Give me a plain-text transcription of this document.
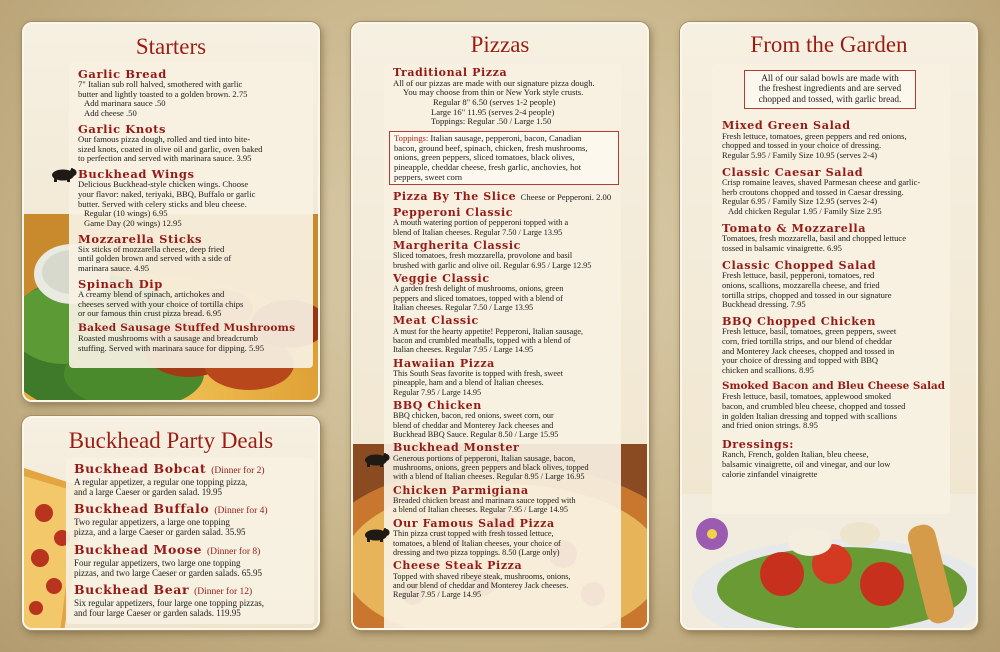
Starters
Garlic Bread
7" Italian sub roll halved, smothered with garlic
butter and lightly toasted to a golden brown. 2.75
Add marinara sauce .50
Add cheese .50
Garlic Knots
Our famous pizza dough, rolled and tied into bite-
sized knots, coated in olive oil and garlic, oven baked
to perfection and served with marinara sauce. 3.95
Buckhead Wings
Delicious Buckhead-style chicken wings. Choose
your flavor: naked, teriyaki, BBQ, Buffalo or garlic
butter. Served with celery sticks and bleu cheese.
Regular (10 wings) 6.95
Game Day (20 wings) 12.95
Mozzarella Sticks
Six sticks of mozzarella cheese, deep fried
until golden brown and served with a side of
marinara sauce. 4.95
Spinach Dip
A creamy blend of spinach, artichokes and
cheeses served with your choice of tortilla chips
or our famous thin crust pizza bread. 6.95
Baked Sausage Stuffed Mushrooms
Roasted mushrooms with a sausage and breadcrumb
stuffing. Served with marinara sauce for dipping. 5.95
Buckhead Party Deals
Buckhead Bobcat (Dinner for 2)
A regular appetizer, a regular one topping pizza,
and a large Caeser or garden salad. 19.95
Buckhead Buffalo (Dinner for 4)
Two regular appetizers, a large one topping
pizza, and a large Caeser or garden salad. 35.95
Buckhead Moose (Dinner for 8)
Four regular appetizers, two large one topping
pizzas, and two large Caeser or garden salads. 65.95
Buckhead Bear (Dinner for 12)
Six regular appetizers, four large one topping pizzas,
and four large Caeser or garden salads. 119.95
Pizzas
Traditional Pizza
All of our pizzas are made with our signature pizza dough.
You may choose from thin or New York style crusts.
Regular 8" 6.50 (serves 1-2 people)
Large 16" 11.95 (serves 2-4 people)
Toppings: Regular .50 / Large 1.50
Toppings: Italian sausage, pepperoni, bacon, Canadian
bacon, ground beef, spinach, chicken, fresh mushrooms,
onions, green peppers, sliced tomatoes, black olives,
pineapple, cheddar cheese, fresh garlic, anchovies, hot
peppers, sweet corn
Pizza By The Slice Cheese or Pepperoni. 2.00
Pepperoni Classic
A mouth watering portion of pepperoni topped with a
blend of Italian cheeses. Regular 7.50 / Large 13.95
Margherita Classic
Sliced tomatoes, fresh mozzarella, provolone and basil
brushed with garlic and olive oil. Regular 6.95 / Large 12.95
Veggie Classic
A garden fresh delight of mushrooms, onions, green
peppers and sliced tomatoes, topped with a blend of
Italian cheeses. Regular 7.50 / Large 13.95
Meat Classic
A must for the hearty appetite! Pepperoni, Italian sausage,
bacon and crumbled meatballs, topped with a blend of
Italian cheeses. Regular 7.95 / Large 14.95
Hawaiian Pizza
This South Seas favorite is topped with fresh, sweet
pineapple, ham and a blend of Italian cheeses.
Regular 7.95 / Large 14.95
BBQ Chicken
BBQ chicken, bacon, red onions, sweet corn, our
blend of cheddar and Monterey Jack cheeses and
Buckhead BBQ Sauce. Regular 8.50 / Large 15.95
Buckhead Monster
Generous portions of pepperoni, Italian sausage, bacon,
mushrooms, onions, green peppers and black olives, topped
with a blend of Italian cheeses. Regular 8.95 / Large 16.95
Chicken Parmigiana
Breaded chicken breast and marinara sauce topped with
a blend of Italian cheeses. Regular 7.95 / Large 14.95
Our Famous Salad Pizza
Thin pizza crust topped with fresh tossed lettuce,
tomatoes, a blend of Italian cheeses, your choice of
dressing and two pizza toppings. 8.50 (Large only)
Cheese Steak Pizza
Topped with shaved ribeye steak, mushrooms, onions,
and our blend of cheddar and Monterey Jack cheeses.
Regular 7.95 / Large 14.95
From the Garden
All of our salad bowls are made with
the freshest ingredients and are served
chopped and tossed, with garlic bread.
Mixed Green Salad
Fresh lettuce, tomatoes, green peppers and red onions,
chopped and tossed in your choice of dressing.
Regular 5.95 / Family Size 10.95 (serves 2-4)
Classic Caesar Salad
Crisp romaine leaves, shaved Parmesan cheese and garlic-
herb croutons chopped and tossed in Caesar dressing.
Regular 6.95 / Family Size 12.95 (serves 2-4)
Add chicken Regular 1.95 / Family Size 2.95
Tomato & Mozzarella
Tomatoes, fresh mozzarella, basil and chopped lettuce
tossed in balsamic vinaigrette. 6.95
Classic Chopped Salad
Fresh lettuce, basil, pepperoni, tomatoes, red
onions, scallions, mozzarella cheese, and fried
tortilla strips, chopped and tossed in our signature
Buckhead dressing. 7.95
BBQ Chopped Chicken
Fresh lettuce, basil, tomatoes, green peppers, sweet
corn, fried tortilla strips, and our blend of cheddar
and Monterey Jack cheeses, chopped and tossed in
your choice of dressing and topped with BBQ
chicken and scallions. 8.95
Smoked Bacon and Bleu Cheese Salad
Fresh lettuce, basil, tomatoes, applewood smoked
bacon, and crumbled bleu cheese, chopped and tossed
in golden Italian dressing and topped with scallions
and fried onion strings. 8.95
Dressings:
Ranch, French, golden Italian, bleu cheese,
balsamic vinaigrette, oil and vinegar, and our low
calorie zinfandel vinaigrette
